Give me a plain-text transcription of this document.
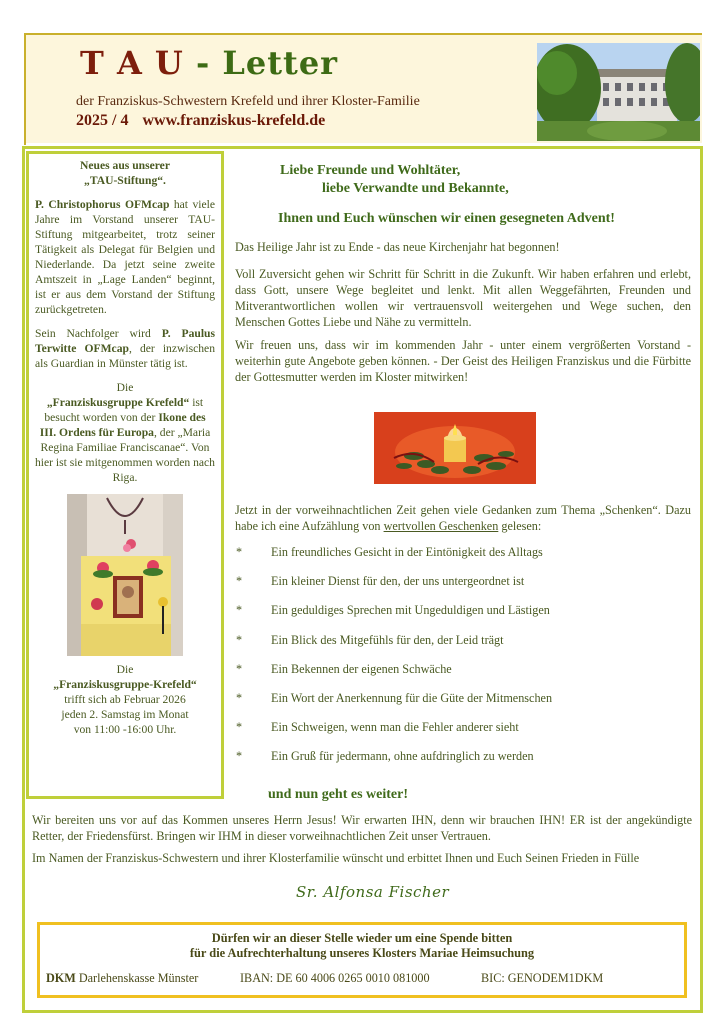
T A U - Letter
der Franziskus-Schwestern Krefeld und ihrer Kloster-Familie
2025 / 4 www.franziskus-krefeld.de

Neues aus unserer
„TAU-Stiftung“.

P. Christophorus OFMcap hat viele Jahre im Vorstand unserer TAU-Stiftung mitgearbeitet, trotz seiner Tätigkeit als Delegat für Belgien und Niederlande. Da jetzt seine zweite Amtszeit in „Lage Landen“ beginnt, ist er aus dem Vorstand der Stiftung zurückgetreten.

Sein Nachfolger wird P. Paulus Terwitte OFMcap, der inzwischen als Guardian in Münster tätig ist.

Die
„Franziskusgruppe Krefeld“ ist besucht worden von der Ikone des III. Ordens für Europa, der „Maria Regina Familiae Franciscanae“. Von hier ist sie mitgenommen worden nach Riga.

Die
„Franziskusgruppe-Krefeld“
trifft sich ab Februar 2026
jeden 2. Samstag im Monat
von 11:00 -16:00 Uhr.

Liebe Freunde und Wohltäter,
liebe Verwandte und Bekannte,
Ihnen und Euch wünschen wir einen gesegneten Advent!
Das Heilige Jahr ist zu Ende - das neue Kirchenjahr hat begonnen!
Voll Zuversicht gehen wir Schritt für Schritt in die Zukunft. Wir haben erfahren und erlebt, dass Gott, unsere Wege begleitet und lenkt. Mit allen Weggefährten, Freunden und Mitverantwortlichen wollen wir vertrauensvoll weitergehen und Wege suchen, den Menschen Gottes Liebe und Nähe zu vermitteln.
Wir freuen uns, dass wir im kommenden Jahr - unter einem vergrößerten Vorstand - weiterhin gute Angebote geben können. - Der Geist des Heiligen Franziskus und die Fürbitte der Gottesmutter werden im Kloster mitwirken!
Jetzt in der vorweihnachtlichen Zeit gehen viele Gedanken zum Thema „Schenken“. Dazu habe ich eine Aufzählung von wertvollen Geschenken gelesen:
*	Ein freundliches Gesicht in der Eintönigkeit des Alltags
*	Ein kleiner Dienst für den, der uns untergeordnet ist
*	Ein geduldiges Sprechen mit Ungeduldigen und Lästigen
*	Ein Blick des Mitgefühls für den, der Leid trägt
*	Ein Bekennen der eigenen Schwäche
*	Ein Wort der Anerkennung für die Güte der Mitmenschen
*	Ein Schweigen, wenn man die Fehler anderer sieht
*	Ein Gruß für jedermann, ohne aufdringlich zu werden
und nun geht es weiter!
Wir bereiten uns vor auf das Kommen unseres Herrn Jesus! Wir erwarten IHN, denn wir brauchen IHN! ER ist der angekündigte Retter, der Friedensfürst. Bringen wir IHM in dieser vorweihnachtlichen Zeit unser Vertrauen.
Im Namen der Franziskus-Schwestern und ihrer Klosterfamilie wünscht und erbittet Ihnen und Euch Seinen Frieden in Fülle
Sr. Alfonsa Fischer
Dürfen wir an dieser Stelle wieder um eine Spende bitten
für die Aufrechterhaltung unseres Klosters Mariae Heimsuchung
DKM Darlehenskasse Münster	IBAN: DE 60 4006 0265 0010 081000	BIC: GENODEM1DKM
